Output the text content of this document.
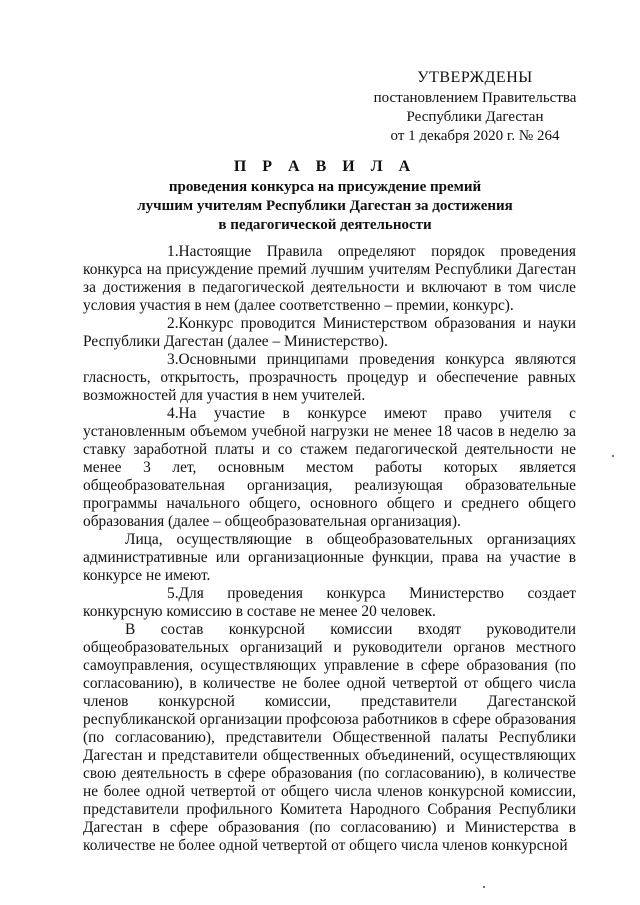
УТВЕРЖДЕНЫ
постановлением Правительства
Республики Дагестан
от 1 декабря 2020 г. № 264
П Р А В И Л А
проведения конкурса на присуждение премий
лучшим учителям Республики Дагестан за достижения
в педагогической деятельности

1.Настоящие Правила определяют порядок проведения конкурса на присуждение премий лучшим учителям Республики Дагестан за достижения в педагогической деятельности и включают в том числе условия участия в нем (далее соответственно – премии, конкурс).

2.Конкурс проводится Министерством образования и науки Республики Дагестан (далее – Министерство).

3.Основными принципами проведения конкурса являются гласность, открытость, прозрачность процедур и обеспечение равных возможностей для участия в нем учителей.

4.На участие в конкурсе имеют право учителя с установленным объемом учебной нагрузки не менее 18 часов в неделю за ставку заработной платы и со стажем педагогической деятельности не менее 3 лет, основным местом работы которых является общеобразовательная организация, реализующая образовательные программы начального общего, основного общего и среднего общего образования (далее – общеобразовательная организация).

Лица, осуществляющие в общеобразовательных организациях административные или организационные функции, права на участие в конкурсе не имеют.

5.Для проведения конкурса Министерство создает конкурсную комиссию в составе не менее 20 человек.

В состав конкурсной комиссии входят руководители общеобразовательных организаций и руководители органов местного самоуправления, осуществляющих управление в сфере образования (по согласованию), в количестве не более одной четвертой от общего числа членов конкурсной комиссии, представители Дагестанской республиканской организации профсоюза работников в сфере образования (по согласованию), представители Общественной палаты Республики Дагестан и представители общественных объединений, осуществляющих свою деятельность в сфере образования (по согласованию), в количестве не более одной четвертой от общего числа членов конкурсной комиссии, представители профильного Комитета Народного Собрания Республики Дагестан в сфере образования (по согласованию) и Министерства в количестве не более одной четвертой от общего числа членов конкурсной
